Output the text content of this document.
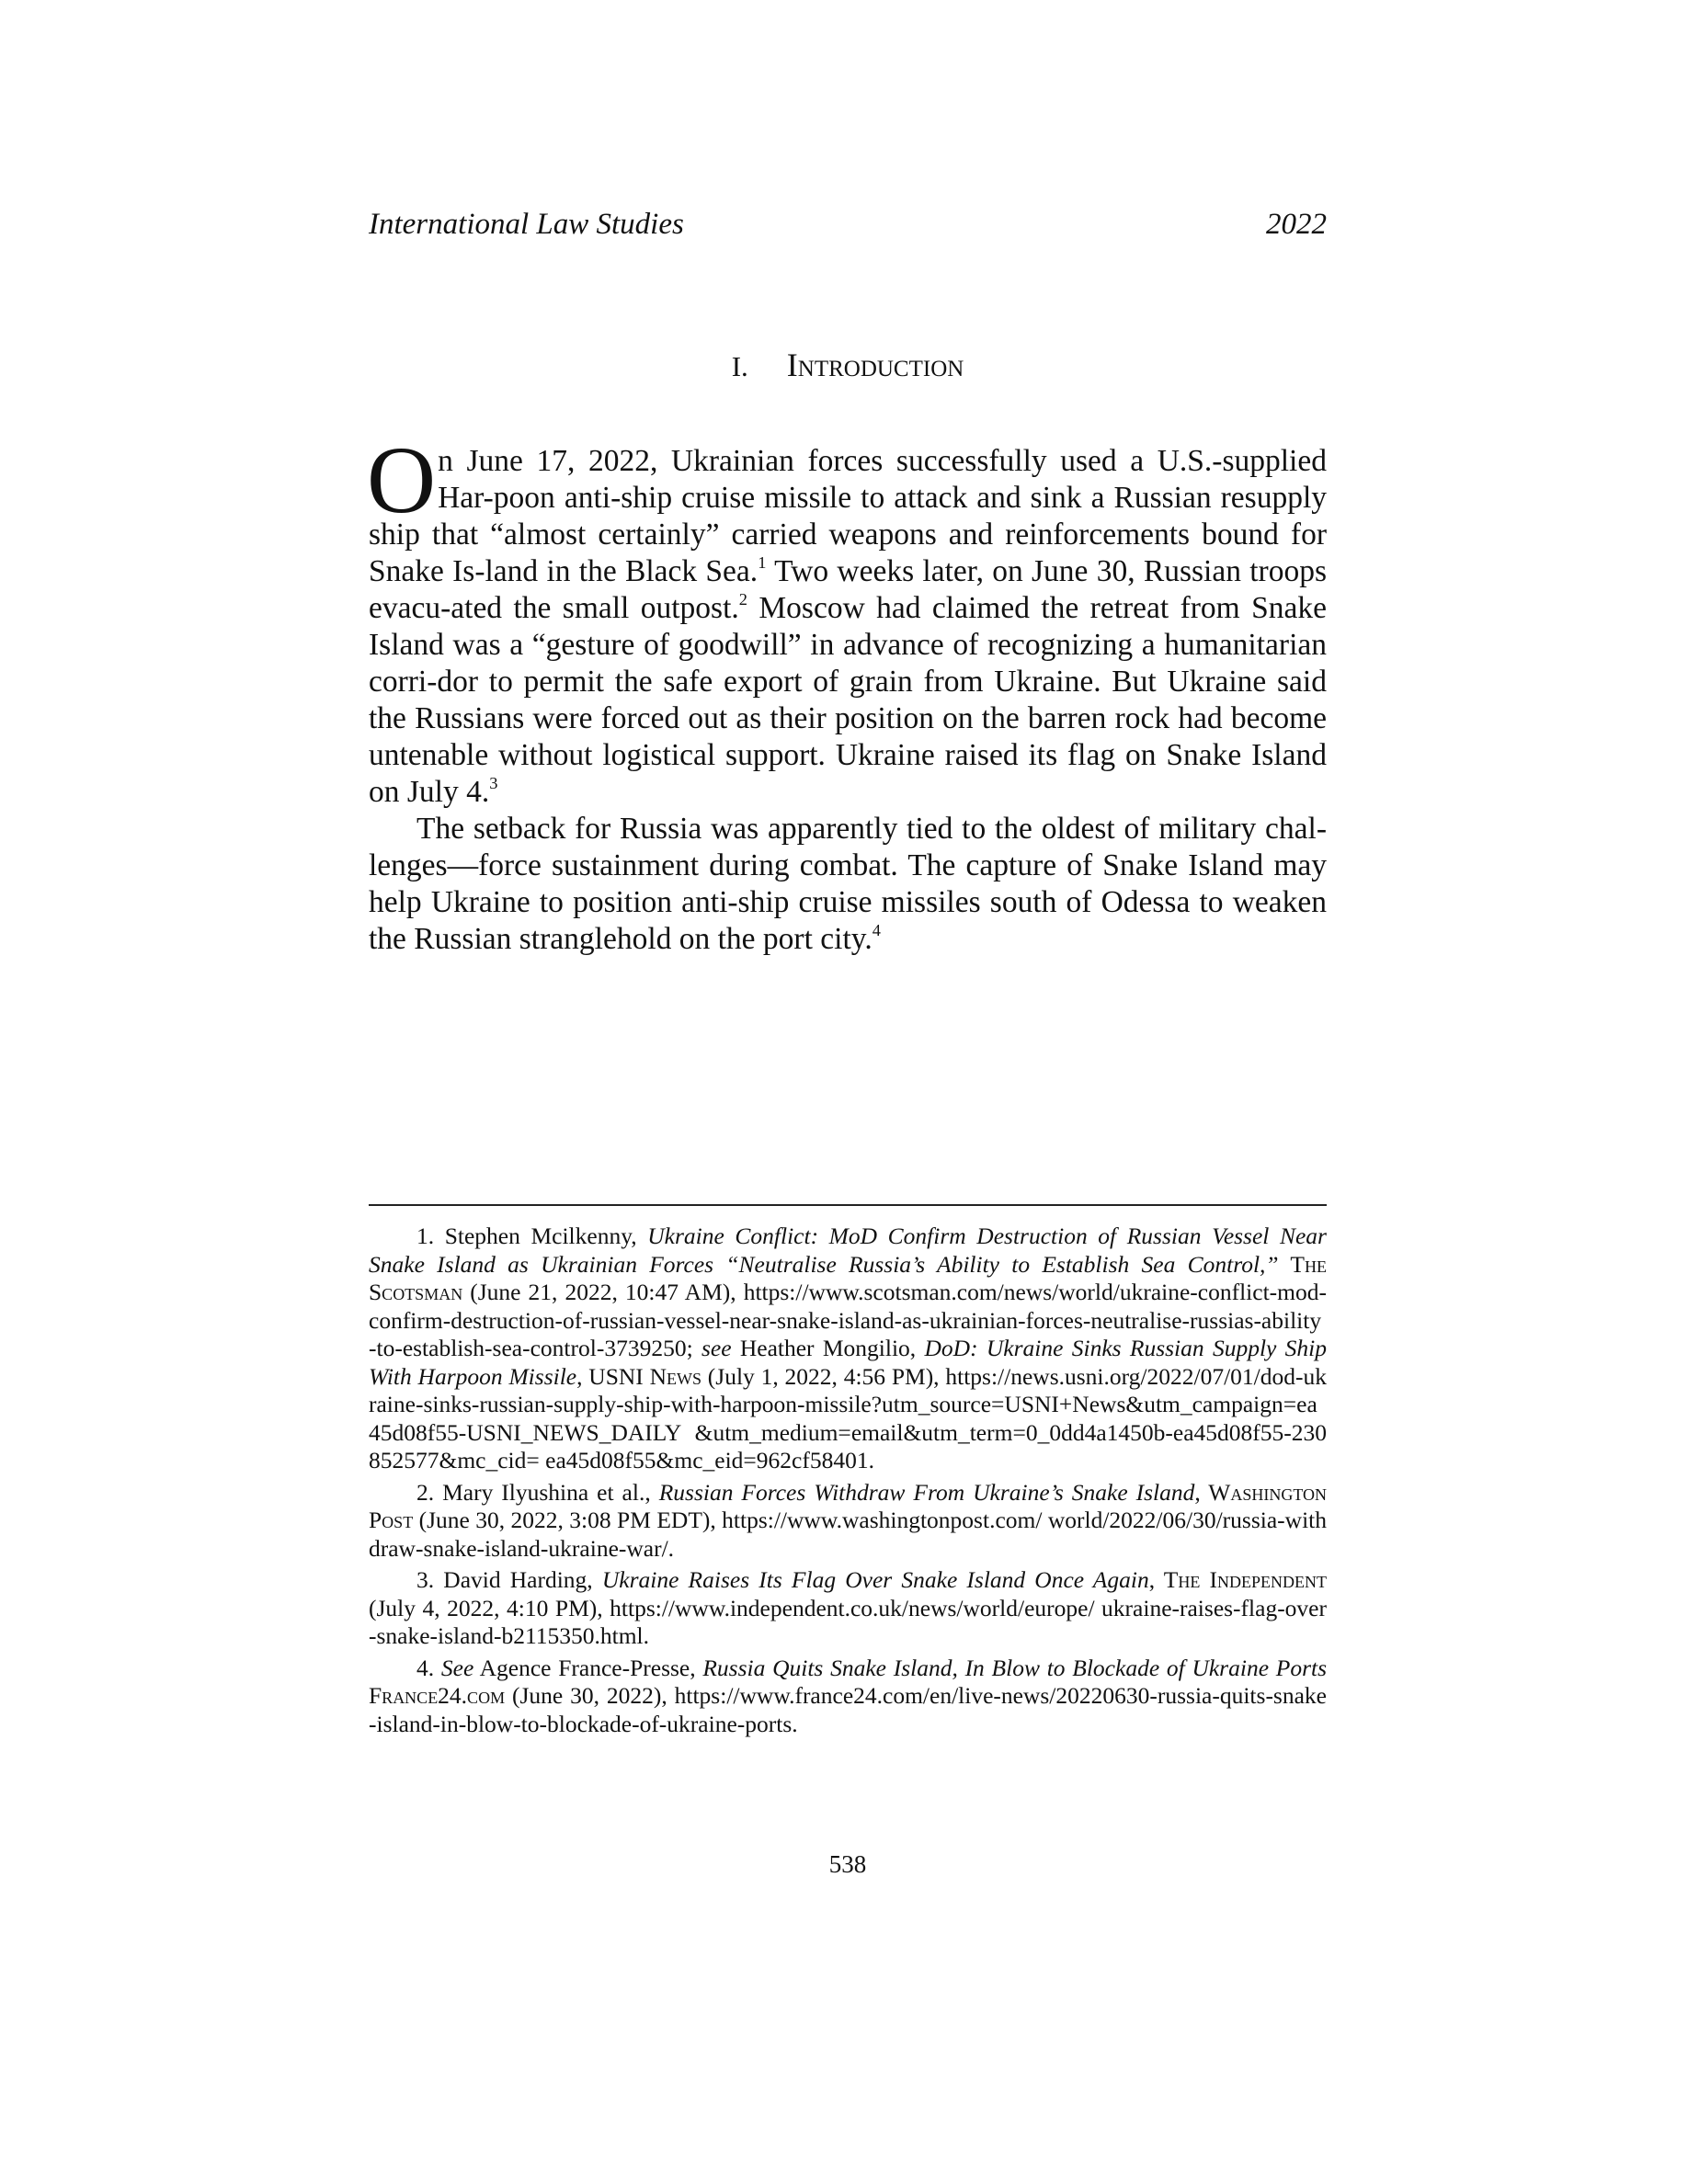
International Law Studies	2022
I. INTRODUCTION

On June 17, 2022, Ukrainian forces successfully used a U.S.-supplied Har-poon anti-ship cruise missile to attack and sink a Russian resupply ship that “almost certainly” carried weapons and reinforcements bound for Snake Is-land in the Black Sea.$^1$ Two weeks later, on June 30, Russian troops evacu-ated the small outpost.$^2$ Moscow had claimed the retreat from Snake Island was a “gesture of goodwill” in advance of recognizing a humanitarian corri-dor to permit the safe export of grain from Ukraine. But Ukraine said the Russians were forced out as their position on the barren rock had become untenable without logistical support. Ukraine raised its flag on Snake Island on July 4.$^3$

The setback for Russia was apparently tied to the oldest of military chal-lenges—force sustainment during combat. The capture of Snake Island may help Ukraine to position anti-ship cruise missiles south of Odessa to weaken the Russian stranglehold on the port city.$^4$

1. Stephen Mcilkenny, Ukraine Conflict: MoD Confirm Destruction of Russian Vessel Near Snake Island as Ukrainian Forces “Neutralise Russia’s Ability to Establish Sea Control,” The Scotsman (June 21, 2022, 10:47 AM), https://www.scotsman.com/news/world/ukraine-conflict-mod-confirm-destruction-of-russian-vessel-near-snake-island-as-ukrainian-forces-neutralise-russias-ability-to-establish-sea-control-3739250; see Heather Mongilio, DoD: Ukraine Sinks Russian Supply Ship With Harpoon Missile, USNI News (July 1, 2022, 4:56 PM), https://news.usni.org/2022/07/01/dod-ukraine-sinks-russian-supply-ship-with-harpoon-missile?utm_source=USNI+News&utm_campaign=ea45d08f55-USNI_NEWS_DAILY &utm_medium=email&utm_term=0_0dd4a1450b-ea45d08f55-230852577&mc_cid= ea45d08f55&mc_eid=962cf58401.

2. Mary Ilyushina et al., Russian Forces Withdraw From Ukraine’s Snake Island, Washington Post (June 30, 2022, 3:08 PM EDT), https://www.washingtonpost.com/ world/2022/06/30/russia-withdraw-snake-island-ukraine-war/.

3. David Harding, Ukraine Raises Its Flag Over Snake Island Once Again, The Independent (July 4, 2022, 4:10 PM), https://www.independent.co.uk/news/world/europe/ ukraine-raises-flag-over-snake-island-b2115350.html.

4. See Agence France-Presse, Russia Quits Snake Island, In Blow to Blockade of Ukraine Ports France24.com (June 30, 2022), https://www.france24.com/en/live-news/20220630-russia-quits-snake-island-in-blow-to-blockade-of-ukraine-ports.

538
